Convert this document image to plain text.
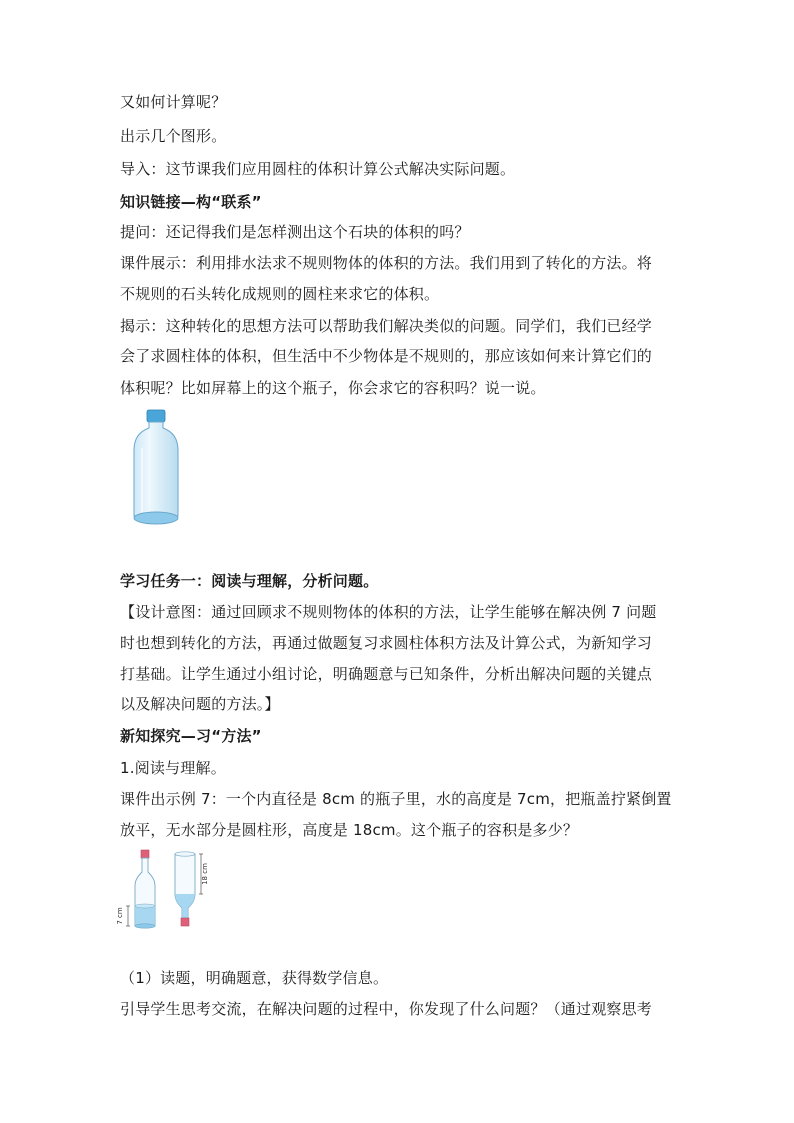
又如何计算呢？
出示几个图形。
导入：这节课我们应用圆柱的体积计算公式解决实际问题。
知识链接—构“联系”
提问：还记得我们是怎样测出这个石块的体积的吗？
课件展示：利用排水法求不规则物体的体积的方法。我们用到了转化的方法。将
不规则的石头转化成规则的圆柱来求它的体积。
揭示：这种转化的思想方法可以帮助我们解决类似的问题。同学们，我们已经学
会了求圆柱体的体积，但生活中不少物体是不规则的，那应该如何来计算它们的
体积呢？比如屏幕上的这个瓶子，你会求它的容积吗？说一说。
学习任务一：阅读与理解，分析问题。
【设计意图：通过回顾求不规则物体的体积的方法，让学生能够在解决例 7 问题
时也想到转化的方法，再通过做题复习求圆柱体积方法及计算公式，为新知学习
打基础。让学生通过小组讨论，明确题意与已知条件，分析出解决问题的关键点
以及解决问题的方法。】
新知探究—习“方法”
1.阅读与理解。
课件出示例 7：一个内直径是 8cm 的瓶子里，水的高度是 7cm，把瓶盖拧紧倒置
放平，无水部分是圆柱形，高度是 18cm。这个瓶子的容积是多少？
7 cm
18 cm
（1）读题，明确题意，获得数学信息。
引导学生思考交流，在解决问题的过程中，你发现了什么问题？（通过观察思考
